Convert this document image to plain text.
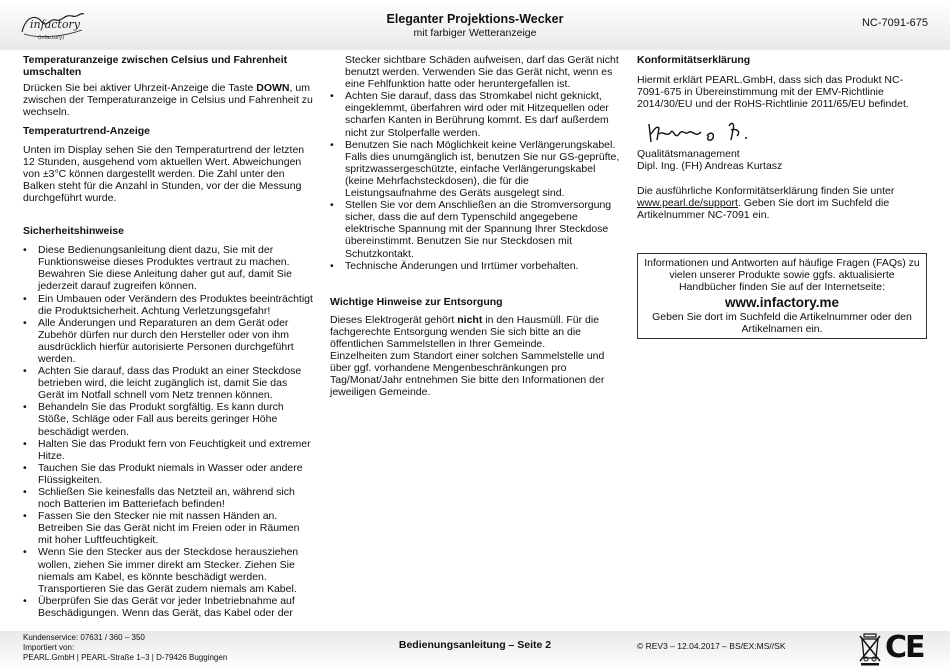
infactory
(infactory)
Eleganter Projektions-Wecker
mit farbiger Wetteranzeige
NC-7091-675

Temperaturanzeige zwischen Celsius und Fahrenheit umschalten

Drücken Sie bei aktiver Uhrzeit-Anzeige die Taste DOWN, um zwischen der Temperaturanzeige in Celsius und Fahrenheit zu wechseln.

Temperaturtrend-Anzeige

Unten im Display sehen Sie den Temperaturtrend der letzten 12 Stunden, ausgehend vom aktuellen Wert. Abweichungen von ±3°C können dargestellt werden. Die Zahl unter den Balken steht für die Anzahl in Stunden, vor der die Messung durchgeführt wurde.

Sicherheitshinweise

• Diese Bedienungsanleitung dient dazu, Sie mit der Funktionsweise dieses Produktes vertraut zu machen. Bewahren Sie diese Anleitung daher gut auf, damit Sie jederzeit darauf zugreifen können.
• Ein Umbauen oder Verändern des Produktes beeinträchtigt die Produktsicherheit. Achtung Verletzungsgefahr!
• Alle Änderungen und Reparaturen an dem Gerät oder Zubehör dürfen nur durch den Hersteller oder von ihm ausdrücklich hierfür autorisierte Personen durchgeführt werden.
• Achten Sie darauf, dass das Produkt an einer Steckdose betrieben wird, die leicht zugänglich ist, damit Sie das Gerät im Notfall schnell vom Netz trennen können.
• Behandeln Sie das Produkt sorgfältig. Es kann durch Stöße, Schläge oder Fall aus bereits geringer Höhe beschädigt werden.
• Halten Sie das Produkt fern von Feuchtigkeit und extremer Hitze.
• Tauchen Sie das Produkt niemals in Wasser oder andere Flüssigkeiten.
• Schließen Sie keinesfalls das Netzteil an, während sich noch Batterien im Batteriefach befinden!
• Fassen Sie den Stecker nie mit nassen Händen an. Betreiben Sie das Gerät nicht im Freien oder in Räumen mit hoher Luftfeuchtigkeit.
• Wenn Sie den Stecker aus der Steckdose herausziehen wollen, ziehen Sie immer direkt am Stecker. Ziehen Sie niemals am Kabel, es könnte beschädigt werden. Transportieren Sie das Gerät zudem niemals am Kabel.
• Überprüfen Sie das Gerät vor jeder Inbetriebnahme auf Beschädigungen. Wenn das Gerät, das Kabel oder der
Stecker sichtbare Schäden aufweisen, darf das Gerät nicht benutzt werden. Verwenden Sie das Gerät nicht, wenn es eine Fehlfunktion hatte oder heruntergefallen ist.
• Achten Sie darauf, dass das Stromkabel nicht geknickt, eingeklemmt, überfahren wird oder mit Hitzequellen oder scharfen Kanten in Berührung kommt. Es darf außerdem nicht zur Stolperfalle werden.
• Benutzen Sie nach Möglichkeit keine Verlängerungskabel. Falls dies unumgänglich ist, benutzen Sie nur GS-geprüfte, spritzwassergeschützte, einfache Verlängerungskabel (keine Mehrfachsteckdosen), die für die Leistungsaufnahme des Geräts ausgelegt sind.
• Stellen Sie vor dem Anschließen an die Stromversorgung sicher, dass die auf dem Typenschild angegebene elektrische Spannung mit der Spannung Ihrer Steckdose übereinstimmt. Benutzen Sie nur Steckdosen mit Schutzkontakt.
• Technische Änderungen und Irrtümer vorbehalten.

Wichtige Hinweise zur Entsorgung

Dieses Elektrogerät gehört nicht in den Hausmüll. Für die fachgerechte Entsorgung wenden Sie sich bitte an die öffentlichen Sammelstellen in Ihrer Gemeinde.

Einzelheiten zum Standort einer solchen Sammelstelle und über ggf. vorhandene Mengenbeschränkungen pro Tag/Monat/Jahr entnehmen Sie bitte den Informationen der jeweiligen Gemeinde.

Konformitätserklärung

Hiermit erklärt PEARL.GmbH, dass sich das Produkt NC-7091-675 in Übereinstimmung mit der EMV-Richtlinie 2014/30/EU und der RoHS-Richtlinie 2011/65/EU befindet.

Qualitätsmanagement

Dipl. Ing. (FH) Andreas Kurtasz

Die ausführliche Konformitätserklärung finden Sie unter www.pearl.de/support. Geben Sie dort im Suchfeld die Artikelnummer NC-7091 ein.

Informationen und Antworten auf häufige Fragen (FAQs) zu vielen unserer Produkte sowie ggfs. aktualisierte Handbücher finden Sie auf der Internetseite:

www.infactory.me

Geben Sie dort im Suchfeld die Artikelnummer oder den Artikelnamen ein.

Kundenservice: 07631 / 360 – 350
Importiert von:
PEARL.GmbH | PEARL-Straße 1–3 | D-79426 Buggingen
Bedienungsanleitung – Seite 2	© REV3 – 12.04.2017 – BS/EX:MS//SK	CE
